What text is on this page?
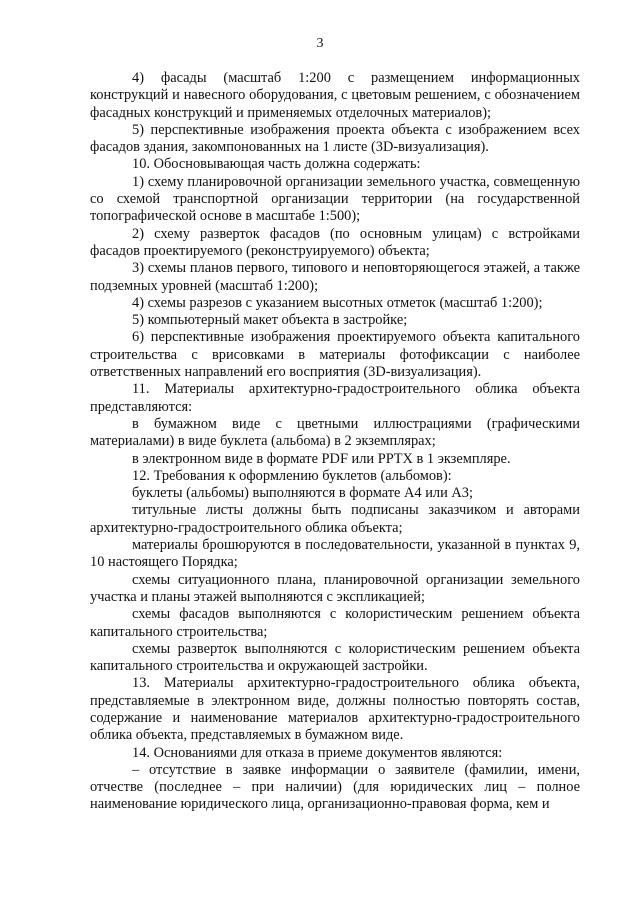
3

4) фасады (масштаб 1:200 с размещением информационных конструкций и навесного оборудования, с цветовым решением, с обозначением фасадных конструкций и применяемых отделочных материалов);

5) перспективные изображения проекта объекта с изображением всех фасадов здания, закомпонованных на 1 листе (3D-визуализация).

10. Обосновывающая часть должна содержать:

1) схему планировочной организации земельного участка, совмещенную со схемой транспортной организации территории (на государственной топографической основе в масштабе 1:500);

2) схему разверток фасадов (по основным улицам) с встройками фасадов проектируемого (реконструируемого) объекта;

3) схемы планов первого, типового и неповторяющегося этажей, а также подземных уровней (масштаб 1:200);

4) схемы разрезов с указанием высотных отметок (масштаб 1:200);

5) компьютерный макет объекта в застройке;

6) перспективные изображения проектируемого объекта капитального строительства с врисовками в материалы фотофиксации с наиболее ответственных направлений его восприятия (3D-визуализация).

11. Материалы архитектурно-градостроительного облика объекта представляются:

в бумажном виде с цветными иллюстрациями (графическими материалами) в виде буклета (альбома) в 2 экземплярах;

в электронном виде в формате PDF или PPTX в 1 экземпляре.

12. Требования к оформлению буклетов (альбомов):

буклеты (альбомы) выполняются в формате А4 или А3;

титульные листы должны быть подписаны заказчиком и авторами архитектурно-градостроительного облика объекта;

материалы брошюруются в последовательности, указанной в пунктах 9, 10 настоящего Порядка;

схемы ситуационного плана, планировочной организации земельного участка и планы этажей выполняются с экспликацией;

схемы фасадов выполняются с колористическим решением объекта капитального строительства;

схемы разверток выполняются с колористическим решением объекта капитального строительства и окружающей застройки.

13. Материалы архитектурно-градостроительного облика объекта, представляемые в электронном виде, должны полностью повторять состав, содержание и наименование материалов архитектурно-градостроительного облика объекта, представляемых в бумажном виде.

14. Основаниями для отказа в приеме документов являются:

– отсутствие в заявке информации о заявителе (фамилии, имени, отчестве (последнее – при наличии) (для юридических лиц – полное наименование юридического лица, организационно-правовая форма, кем и
